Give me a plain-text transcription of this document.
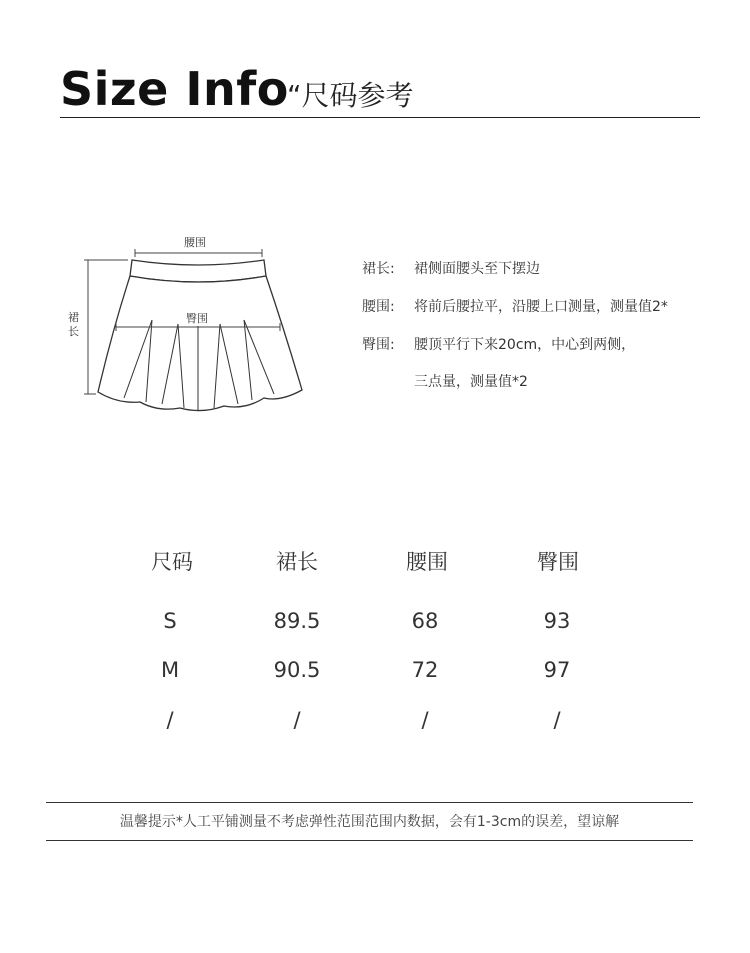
Size Info
“尺码参考
腰围
臀围
裙
长
裙长: 裙侧面腰头至下摆边
腰围: 将前后腰拉平，沿腰上口测量，测量值2*
臀围: 腰顶平行下来20cm，中心到两侧，
三点量，测量值*2
尺码	裙长	腰围	臀围
S	89.5	68	93
M	90.5	72	97
/	/	/	/
温馨提示*人工平铺测量不考虑弹性范围范围内数据，会有1-3cm的误差，望谅解
